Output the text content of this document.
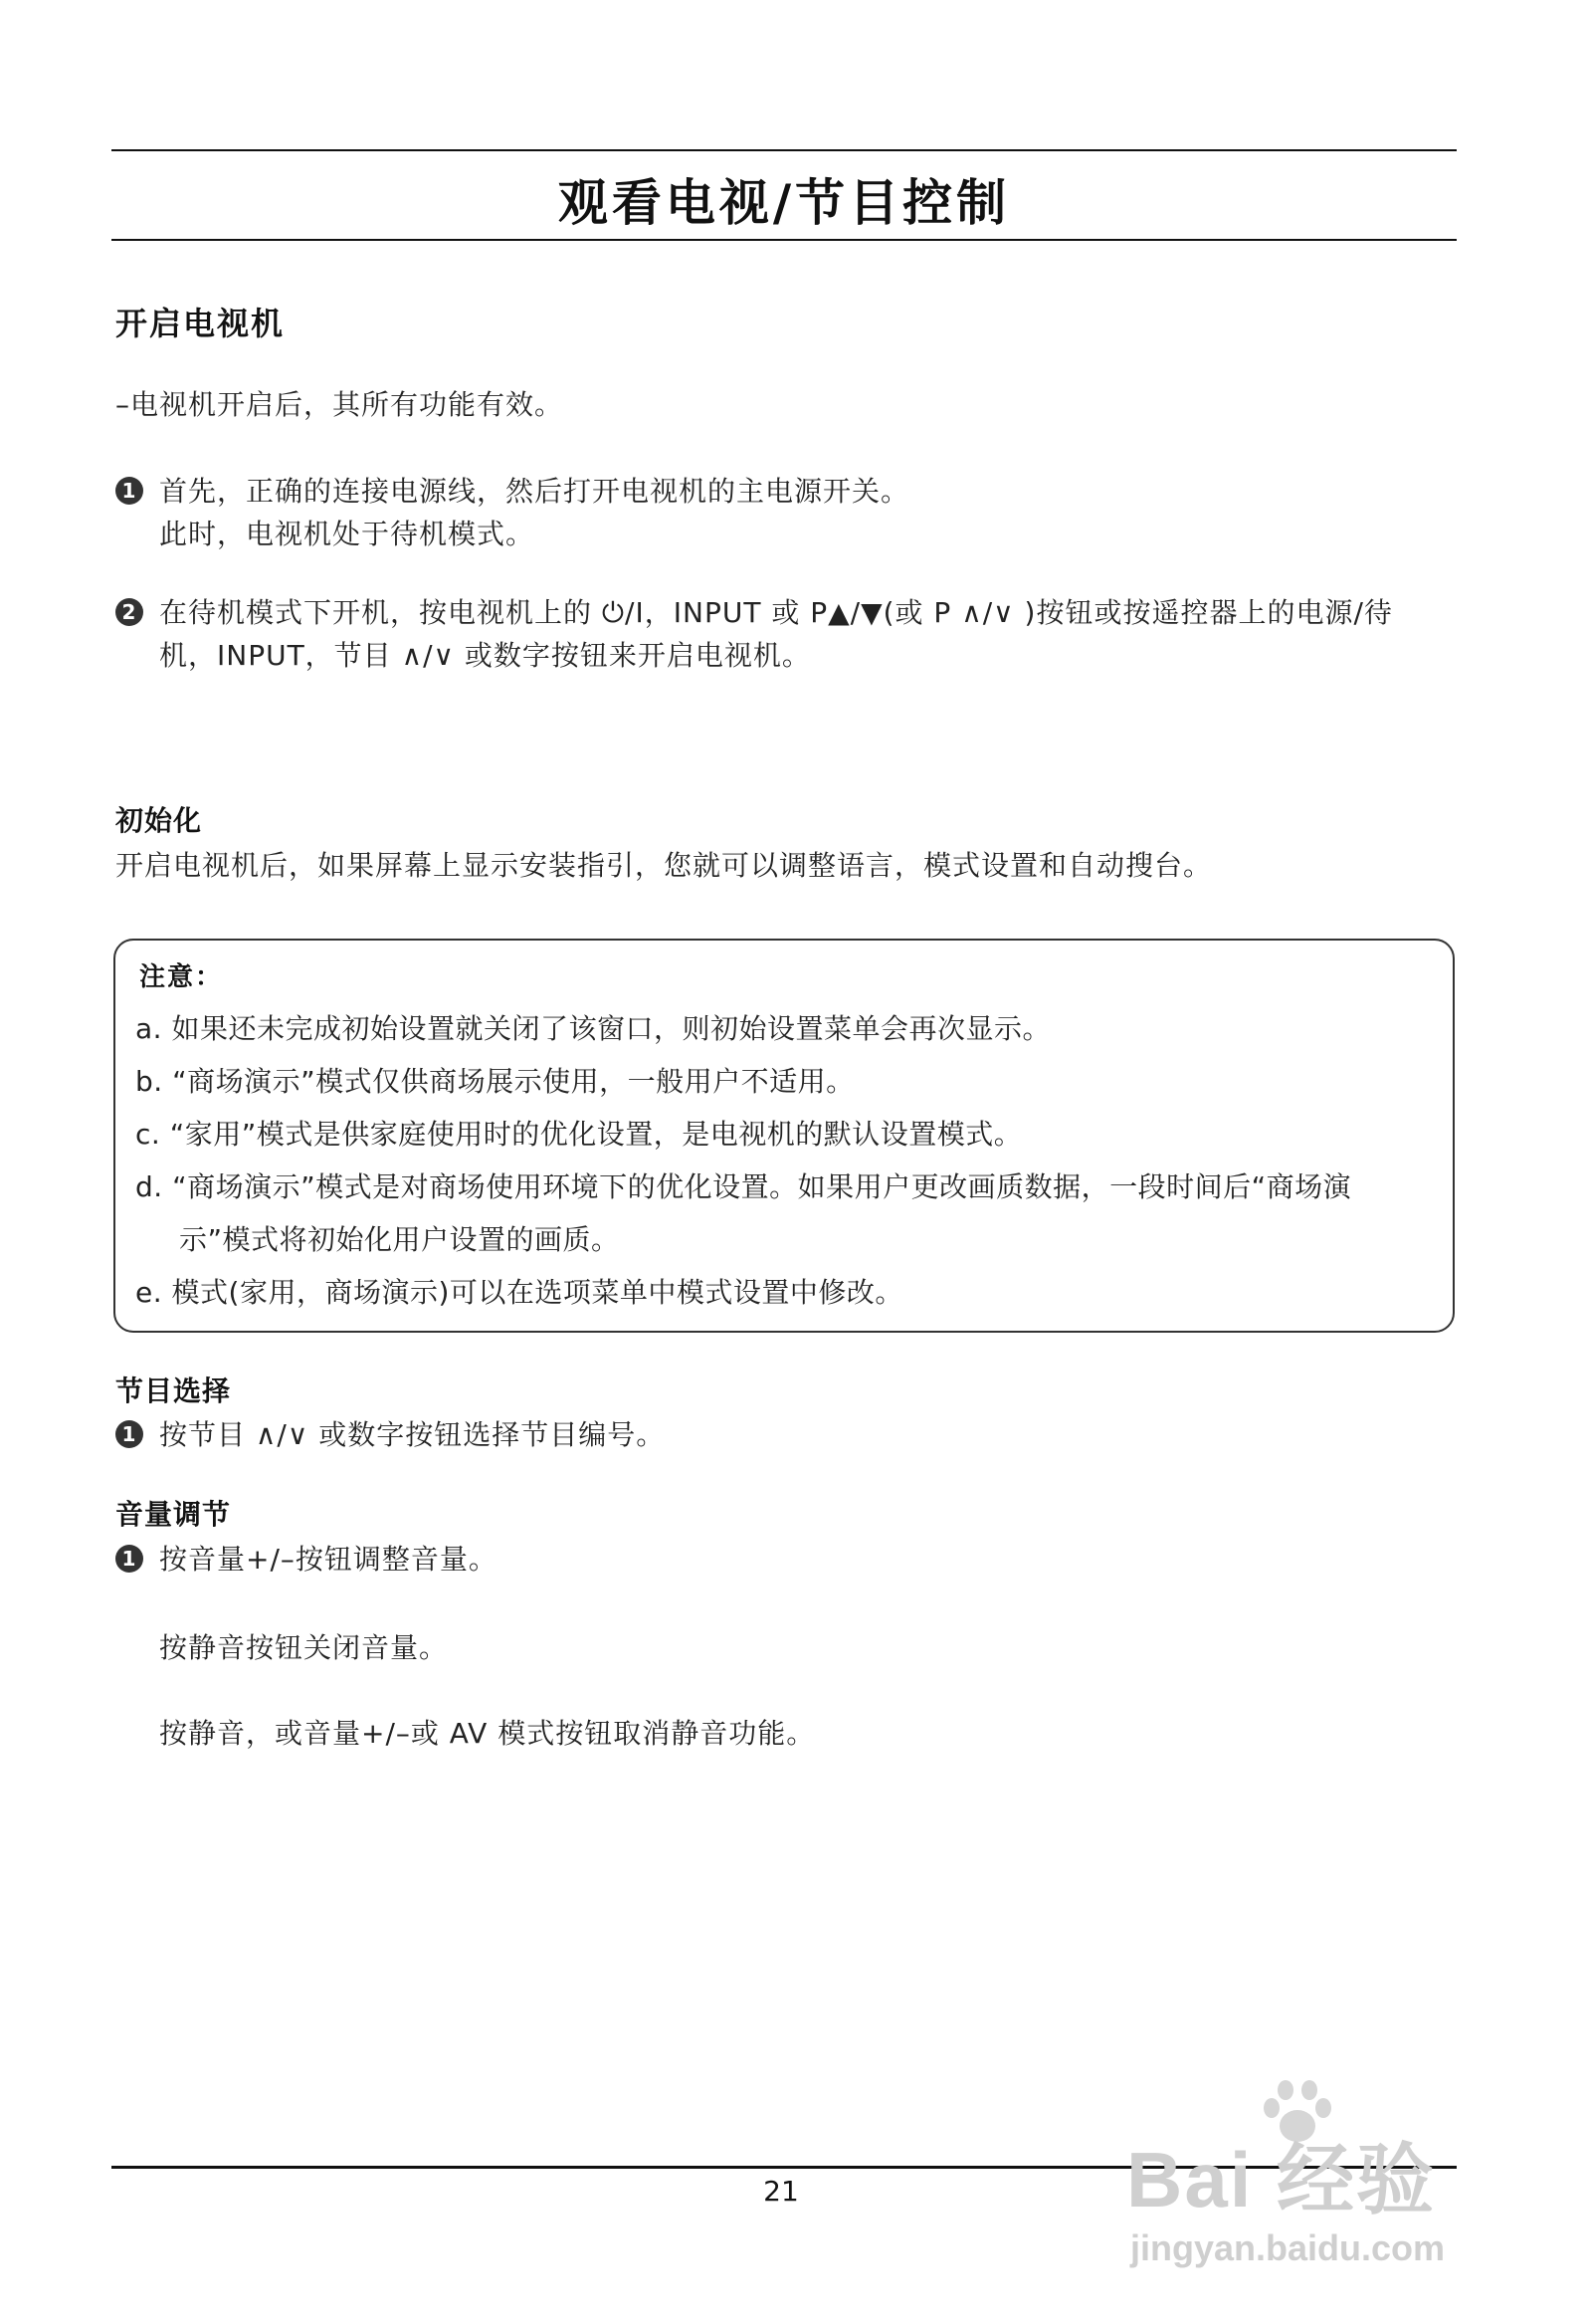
观看电视/节目控制
开启电视机
–电视机开启后，其所有功能有效。
1 首先，正确的连接电源线，然后打开电视机的主电源开关。
此时，电视机处于待机模式。
2 在待机模式下开机，按电视机上的 ⏻/I，INPUT 或 P▲/▼(或 P ∧/∨ )按钮或按遥控器上的电源/待
机，INPUT，节目 ∧/∨ 或数字按钮来开启电视机。
初始化
开启电视机后，如果屏幕上显示安装指引，您就可以调整语言，模式设置和自动搜台。
注意：
a. 如果还未完成初始设置就关闭了该窗口，则初始设置菜单会再次显示。
b. “商场演示”模式仅供商场展示使用，一般用户不适用。
c. “家用”模式是供家庭使用时的优化设置，是电视机的默认设置模式。
d. “商场演示”模式是对商场使用环境下的优化设置。如果用户更改画质数据，一段时间后“商场演
示”模式将初始化用户设置的画质。
e. 模式(家用，商场演示)可以在选项菜单中模式设置中修改。
节目选择
1 按节目 ∧/∨ 或数字按钮选择节目编号。
音量调节
1 按音量+/–按钮调整音量。
按静音按钮关闭音量。
按静音，或音量+/–或 AV 模式按钮取消静音功能。
21	Bai 经验
jingyan.baidu.com
